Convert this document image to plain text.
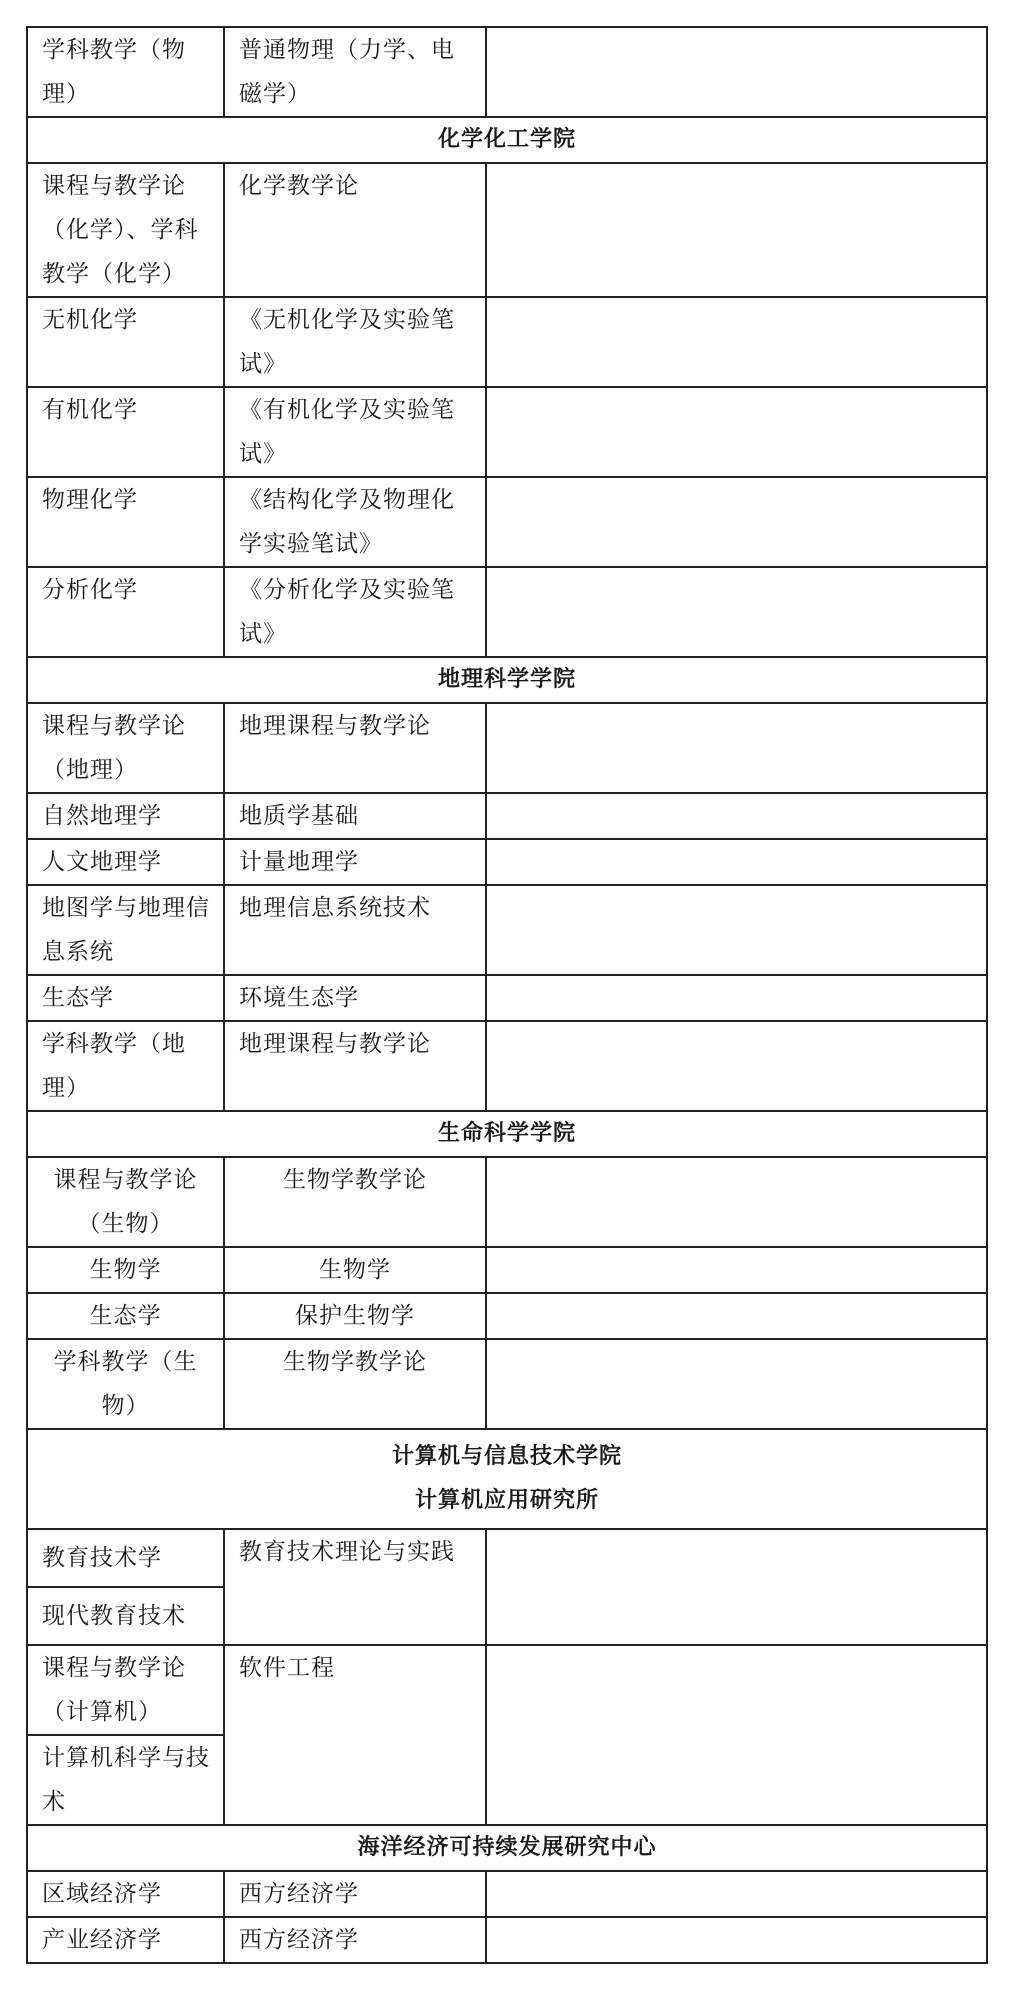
学科教学（物理）	普通物理（力学、电磁学）	
化学化工学院		
课程与教学论（化学）、学科教学（化学）	化学教学论	
无机化学	《无机化学及实验笔试》	
有机化学	《有机化学及实验笔试》	
物理化学	《结构化学及物理化学实验笔试》	
分析化学	《分析化学及实验笔试》	
地理科学学院		
课程与教学论（地理）	地理课程与教学论	
自然地理学	地质学基础	
人文地理学	计量地理学	
地图学与地理信息系统	地理信息系统技术	
生态学	环境生态学	
学科教学（地理）	地理课程与教学论	
生命科学学院		
课程与教学论（生物）	生物学教学论	
生物学	生物学	
生态学	保护生物学	
学科教学（生物）	生物学教学论	

计算机与信息技术学院
计算机应用研究所		

教育技术学	教育技术理论与实践	
现代教育技术		
课程与教学论（计算机）	软件工程	
计算机科学与技术		
海洋经济可持续发展研究中心		
区域经济学	西方经济学	
产业经济学	西方经济学	
